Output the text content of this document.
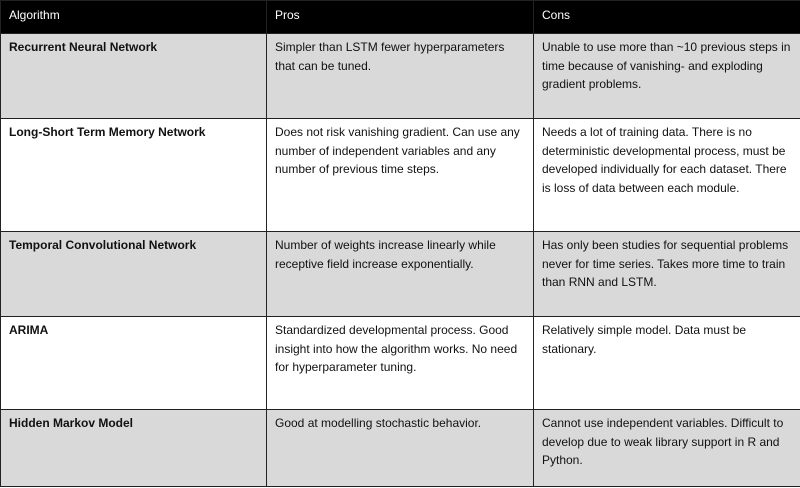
Algorithm	Pros	Cons
Recurrent Neural Network	Simpler than LSTM fewer hyperparameters that can be tuned.	Unable to use more than ~10 previous steps in time because of vanishing- and exploding gradient problems.
Long-Short Term Memory Network	Does not risk vanishing gradient. Can use any number of independent variables and any number of previous time steps.	Needs a lot of training data. There is no deterministic developmental process, must be developed individually for each dataset. There is loss of data between each module.
Temporal Convolutional Network	Number of weights increase linearly while receptive field increase exponentially.	Has only been studies for sequential problems never for time series. Takes more time to train than RNN and LSTM.
ARIMA	Standardized developmental process. Good insight into how the algorithm works. No need for hyperparameter tuning.	Relatively simple model. Data must be stationary.
Hidden Markov Model	Good at modelling stochastic behavior.	Cannot use independent variables. Difficult to develop due to weak library support in R and Python.
